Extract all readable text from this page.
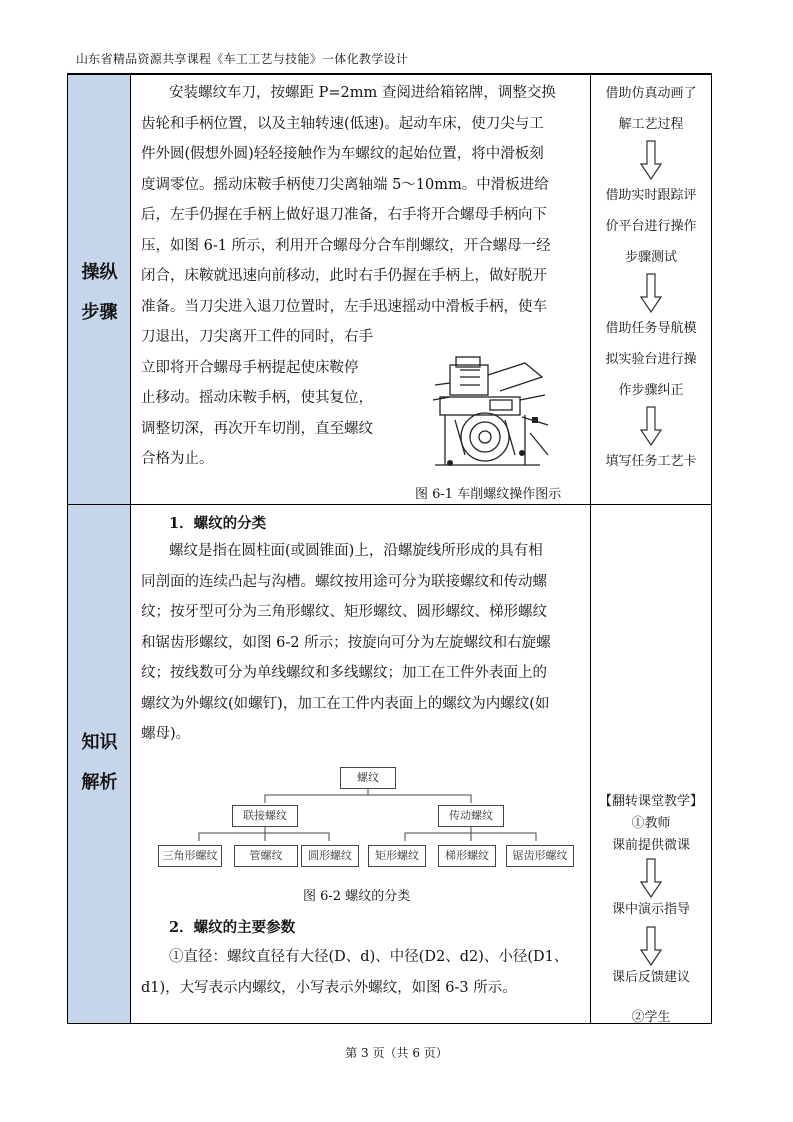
山东省精品资源共享课程《车工工艺与技能》一体化教学设计
操纵
步骤
安装螺纹车刀，按螺距 P=2mm 查阅进给箱铭牌，调整交换
齿轮和手柄位置，以及主轴转速(低速)。起动车床，使刀尖与工
件外圆(假想外圆)轻轻接触作为车螺纹的起始位置，将中滑板刻
度调零位。摇动床鞍手柄使刀尖离轴端 5～10mm。中滑板进给
后，左手仍握在手柄上做好退刀准备，右手将开合螺母手柄向下
压，如图 6-1 所示，利用开合螺母分合车削螺纹，开合螺母一经
闭合，床鞍就迅速向前移动，此时右手仍握在手柄上，做好脱开
准备。当刀尖进入退刀位置时，左手迅速摇动中滑板手柄，使车
刀退出，刀尖离开工件的同时，右手
立即将开合螺母手柄提起使床鞍停
止移动。摇动床鞍手柄，使其复位，
调整切深，再次开车切削，直至螺纹
合格为止。
图 6-1 车削螺纹操作图示
借助仿真动画了
解工艺过程
借助实时跟踪评
价平台进行操作
步骤测试
借助任务导航模
拟实验台进行操
作步骤纠正
填写任务工艺卡
知识
解析
1．螺纹的分类
螺纹是指在圆柱面(或圆锥面)上，沿螺旋线所形成的具有相
同剖面的连续凸起与沟槽。螺纹按用途可分为联接螺纹和传动螺
纹；按牙型可分为三角形螺纹、矩形螺纹、圆形螺纹、梯形螺纹
和锯齿形螺纹，如图 6-2 所示；按旋向可分为左旋螺纹和右旋螺
纹；按线数可分为单线螺纹和多线螺纹；加工在工件外表面上的
螺纹为外螺纹(如螺钉)，加工在工件内表面上的螺纹为内螺纹(如
螺母)。
螺纹
联接螺纹	传动螺纹
三角形螺纹	管螺纹	圆形螺纹	矩形螺纹	梯形螺纹	锯齿形螺纹
图 6-2 螺纹的分类
2．螺纹的主要参数
①直径：螺纹直径有大径(D、d)、中径(D2、d2)、小径(D1、
d1)，大写表示内螺纹，小写表示外螺纹，如图 6-3 所示。
【翻转课堂教学】
①教师
课前提供微课
课中演示指导
课后反馈建议
②学生
第 3 页（共 6 页）
